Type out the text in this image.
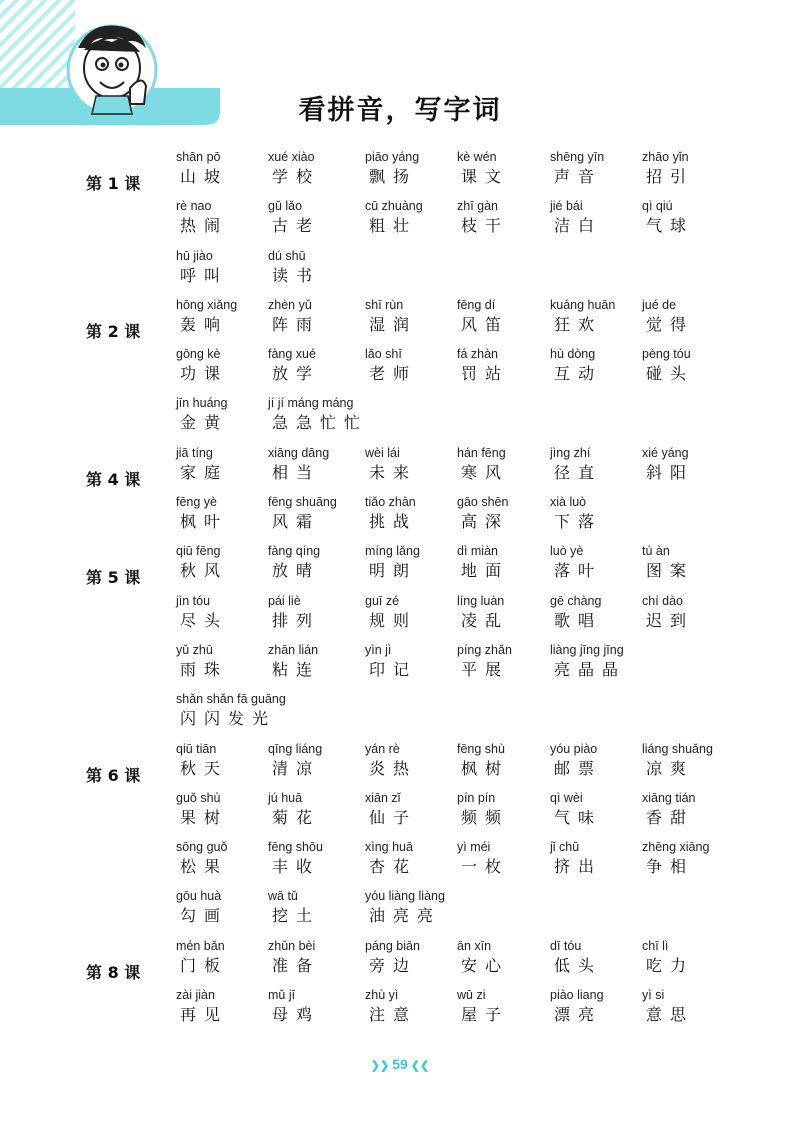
看拼音，写字词
第 1 课
shān pō
山坡
xué xiào
学校
piāo yáng
飘扬
kè wén
课文
shēng yīn
声音
zhāo yǐn
招引
rè nao
热闹
gǔ lǎo
古老
cū zhuàng
粗壮
zhī gàn
枝干
jié bái
洁白
qì qiú
气球
hū jiào
呼叫
dú shū
读书
第 2 课
hōng xiǎng
轰响
zhèn yǔ
阵雨
shī rùn
湿润
fēng dí
风笛
kuáng huān
狂欢
jué de
觉得
gōng kè
功课
fàng xué
放学
lǎo shī
老师
fá zhàn
罚站
hù dòng
互动
pèng tóu
碰头
jīn huáng
金黄
jí jí máng máng
急急忙忙
第 4 课
jiā tíng
家庭
xiāng dāng
相当
wèi lái
未来
hán fēng
寒风
jìng zhí
径直
xié yáng
斜阳
fēng yè
枫叶
fēng shuāng
风霜
tiǎo zhàn
挑战
gāo shēn
高深
xià luò
下落
第 5 课
qiū fēng
秋风
fàng qíng
放晴
míng lǎng
明朗
dì miàn
地面
luò yè
落叶
tú àn
图案
jìn tóu
尽头
pái liè
排列
guī zé
规则
líng luàn
凌乱
gē chàng
歌唱
chí dào
迟到
yǔ zhū
雨珠
zhān lián
粘连
yìn jì
印记
píng zhǎn
平展
liàng jīng jīng
亮晶晶
shǎn shǎn fā guāng
闪闪发光
第 6 课
qiū tiān
秋天
qīng liáng
清凉
yán rè
炎热
fēng shù
枫树
yóu piào
邮票
liáng shuǎng
凉爽
guǒ shù
果树
jú huā
菊花
xiān zǐ
仙子
pín pín
频频
qì wèi
气味
xiāng tián
香甜
sōng guǒ
松果
fēng shōu
丰收
xìng huā
杏花
yì méi
一枚
jǐ chū
挤出
zhēng xiāng
争相
gōu huà
勾画
wā tǔ
挖土
yóu liàng liàng
油亮亮
第 8 课
mén bǎn
门板
zhǔn bèi
准备
páng biān
旁边
ān xīn
安心
dī tóu
低头
chī lì
吃力
zài jiàn
再见
mǔ jī
母鸡
zhù yì
注意
wū zi
屋子
piào liang
漂亮
yì si
意思
❯❯ 59 ❮❮
